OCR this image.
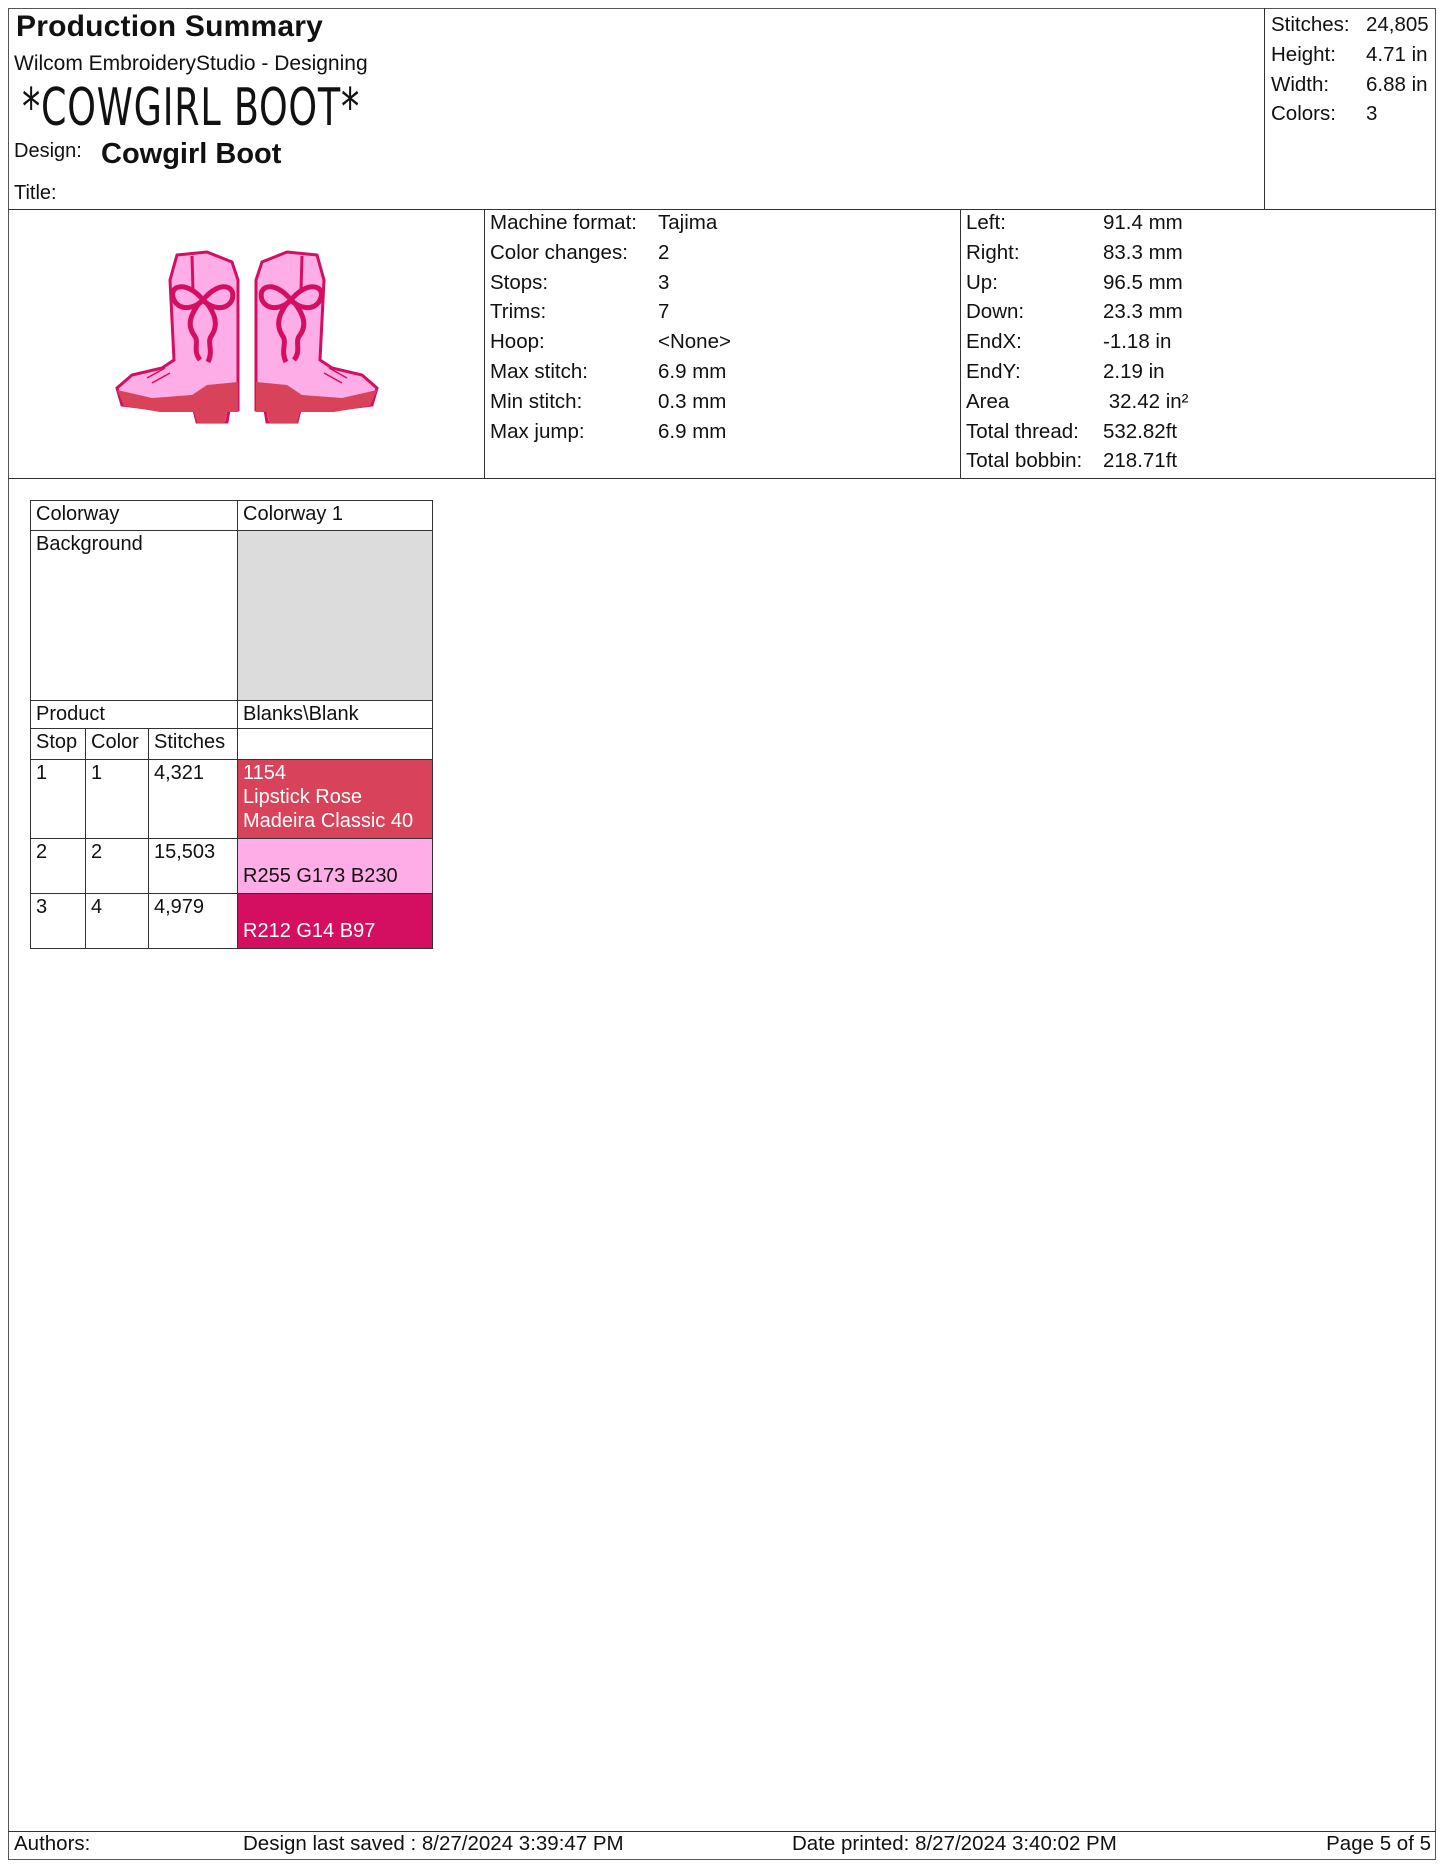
Production Summary
Wilcom EmbroideryStudio - Designing
*COWGIRL BOOT*
Design: Cowgirl Boot
Title:
Stitches: 24,805
Height:	4.71 in
Width:	6.88 in
Colors:	3
Machine format:	Tajima
Color changes:	2
Stops:	3
Trims:	7
Hoop:	<None>
Max stitch:	6.9 mm
Min stitch:	0.3 mm
Max jump:	6.9 mm
Left:	91.4 mm
Right:	83.3 mm
Up:	96.5 mm
Down:	23.3 mm
EndX:	-1.18 in
EndY:	2.19 in
Area	32.42 in²
Total thread:	532.82ft
Total bobbin:	218.71ft
Colorway			Colorway 1
Background			
Product			Blanks\Blank
Stop	Color	Stitches	
1	1	4,321	1154
Lipstick Rose
Madeira Classic 40

2	2	15,503	R255 G173 B230

3	4	4,979	R212 G14 B97
Authors:	Design last saved : 8/27/2024 3:39:47 PM	Date printed: 8/27/2024 3:40:02 PM	Page 5 of 5
